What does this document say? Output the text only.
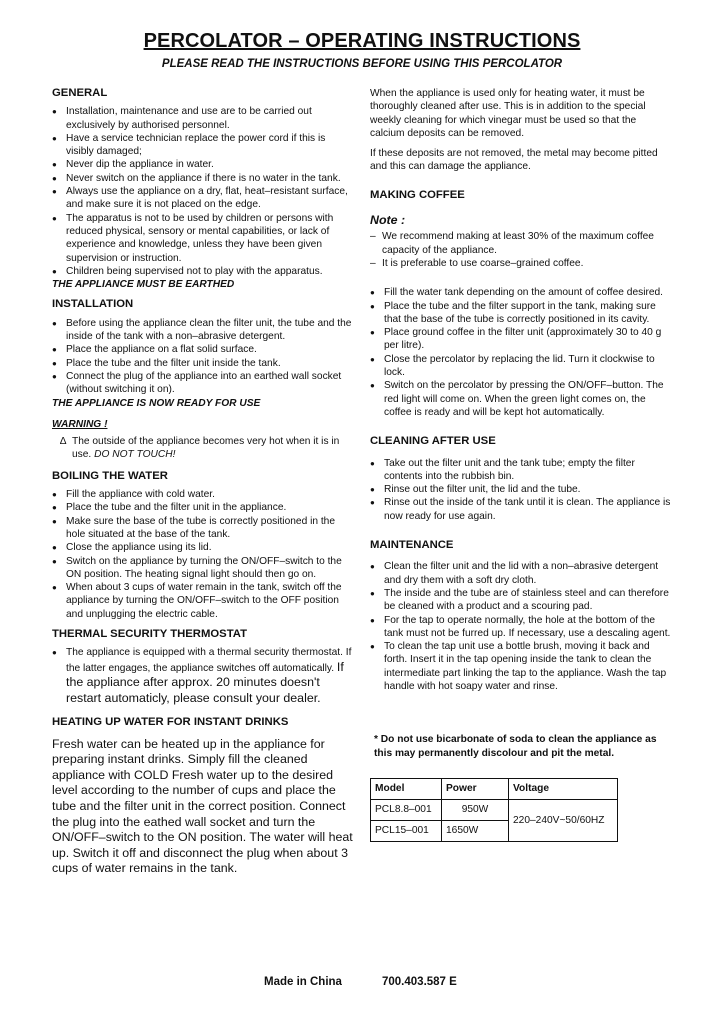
PERCOLATOR – OPERATING INSTRUCTIONS
PLEASE READ THE INSTRUCTIONS BEFORE USING THIS PERCOLATOR
GENERAL
● Installation, maintenance and use are to be carried out exclusively by authorised personnel.
● Have a service technician replace the power cord if this is visibly damaged;
● Never dip the appliance in water.
● Never switch on the appliance if there is no water in the tank.
● Always use the appliance on a dry, flat, heat–resistant surface, and make sure it is not placed on the edge.
● The apparatus is not to be used by children or persons with reduced physical, sensory or mental capabilities, or lack of experience and knowledge, unless they have been given supervision or instruction.
● Children being supervised not to play with the apparatus.
THE APPLIANCE MUST BE EARTHED
INSTALLATION
● Before using the appliance clean the filter unit, the tube and the inside of the tank with a non–abrasive detergent.
● Place the appliance on a flat solid surface.
● Place the tube and the filter unit inside the tank.
● Connect the plug of the appliance into an earthed wall socket (without switching it on).
THE APPLIANCE IS NOW READY FOR USE
WARNING !
∆ The outside of the appliance becomes very hot when it is in use. DO NOT TOUCH!
BOILING THE WATER
● Fill the appliance with cold water.
● Place the tube and the filter unit in the appliance.
● Make sure the base of the tube is correctly positioned in the hole situated at the base of the tank.
● Close the appliance using its lid.
● Switch on the appliance by turning the ON/OFF–switch to the ON position. The heating signal light should then go on.
● When about 3 cups of water remain in the tank, switch off the appliance by turning the ON/OFF–switch to the OFF position and unplugging the electric cable.
THERMAL SECURITY THERMOSTAT
● The appliance is equipped with a thermal security thermostat. If the latter engages, the appliance switches off automatically. If the appliance after approx. 20 minutes doesn't restart automaticly, please consult your dealer.
HEATING UP WATER FOR INSTANT DRINKS

Fresh water can be heated up in the appliance for preparing instant drinks. Simply fill the cleaned appliance with COLD Fresh water up to the desired level according to the number of cups and place the tube and the filter unit in the correct position. Connect the plug into the eathed wall socket and turn the ON/OFF–switch to the ON position. The water will heat up. Switch it off and disconnect the plug when about 3 cups of water remains in the tank.

When the appliance is used only for heating water, it must be thoroughly cleaned after use. This is in addition to the special weekly cleaning for which vinegar must be used so that the calcium deposits can be removed.

If these deposits are not removed, the metal may become pitted and this can damage the appliance.

MAKING COFFEE
Note :
– We recommend making at least 30% of the maximum coffee capacity of the appliance.
– It is preferable to use coarse–grained coffee.
● Fill the water tank depending on the amount of coffee desired.
● Place the tube and the filter support in the tank, making sure that the base of the tube is correctly positioned in its cavity.
● Place ground coffee in the filter unit (approximately 30 to 40 g per litre).
● Close the percolator by replacing the lid. Turn it clockwise to lock.
● Switch on the percolator by pressing the ON/OFF–button. The red light will come on. When the green light comes on, the coffee is ready and will be kept hot automatically.
CLEANING AFTER USE
● Take out the filter unit and the tank tube; empty the filter contents into the rubbish bin.
● Rinse out the filter unit, the lid and the tube.
● Rinse out the inside of the tank until it is clean. The appliance is now ready for use again.
MAINTENANCE
● Clean the filter unit and the lid with a non–abrasive detergent and dry them with a soft dry cloth.
● The inside and the tube are of stainless steel and can therefore be cleaned with a product and a scouring pad.
● For the tap to operate normally, the hole at the bottom of the tank must not be furred up. If necessary, use a descaling agent.
● To clean the tap unit use a bottle brush, moving it back and forth. Insert it in the tap opening inside the tank to clean the intermediate part linking the tap to the appliance. Wash the tap handle with hot soapy water and rinse.
* Do not use bicarbonate of soda to clean the appliance as this may permanently discolour and pit the metal.
Model	Power	Voltage
PCL8.8–001	950W	220–240V~50/60HZ
PCL15–001	1650W	
Made in China	700.403.587 E
